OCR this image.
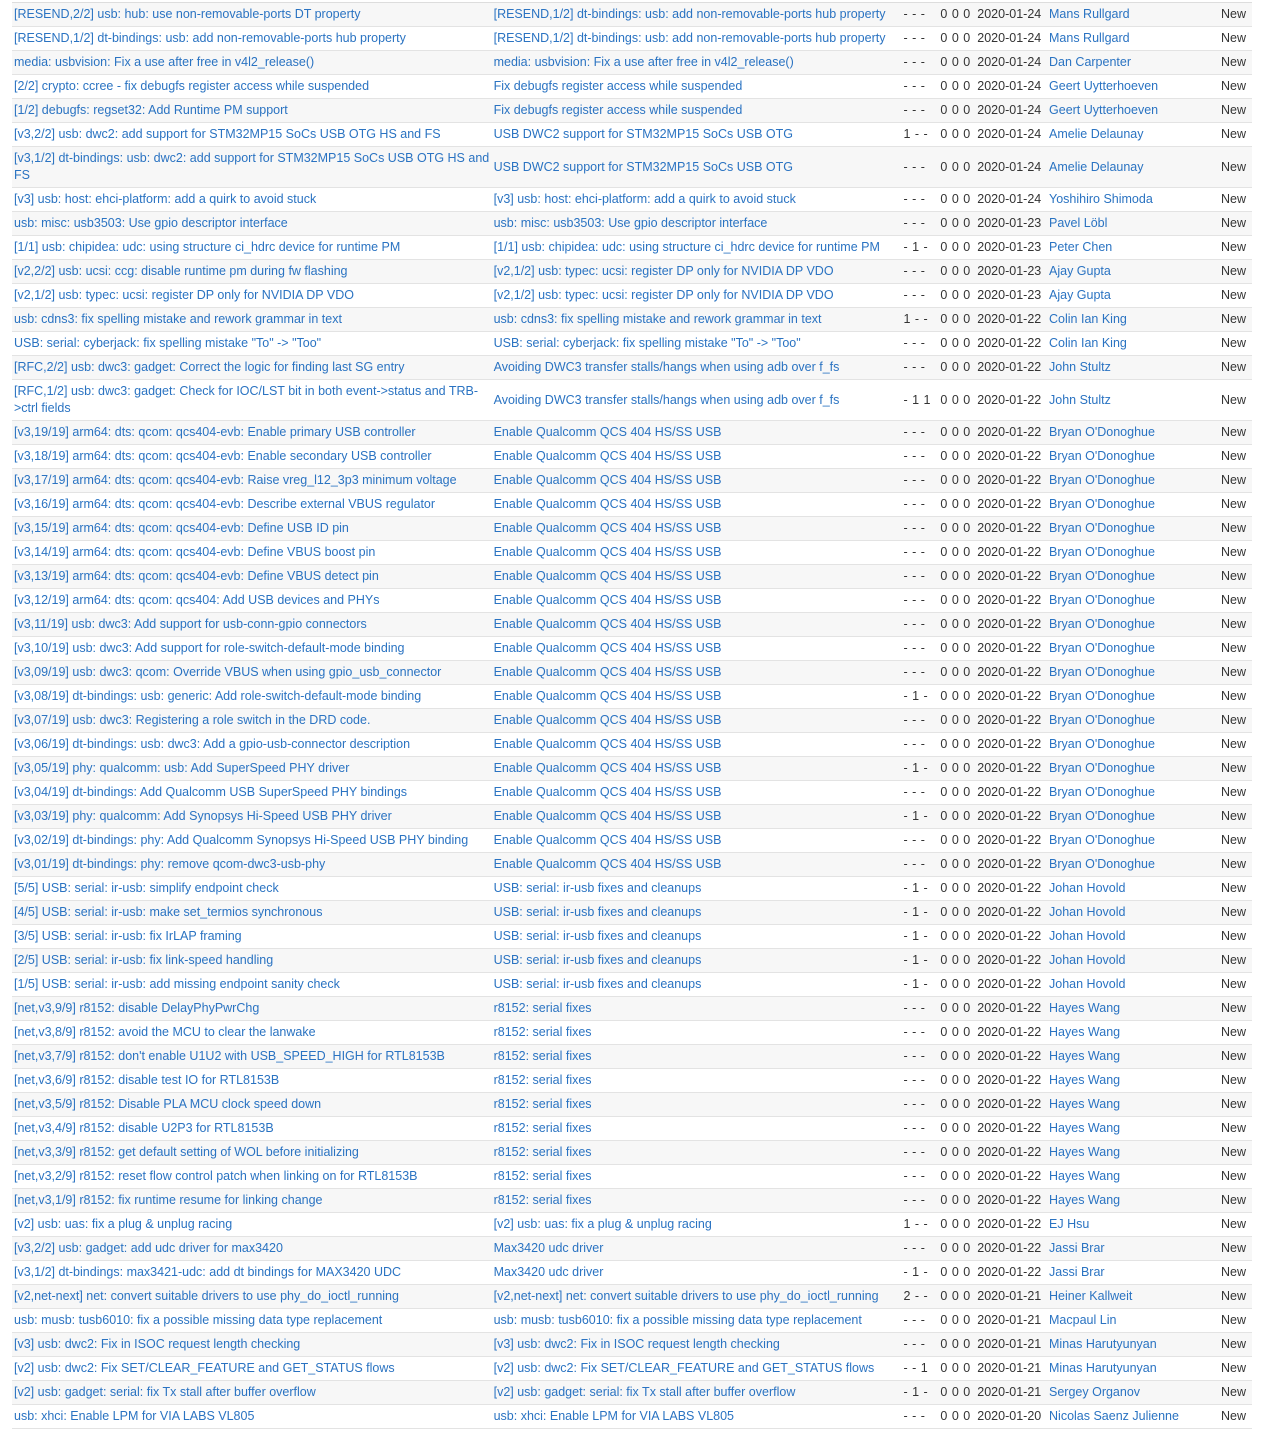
[RESEND,2/2] usb: hub: use non-removable-ports DT property	[RESEND,1/2] dt-bindings: usb: add non-removable-ports hub property	- - -	0 0 0	2020-01-24	Mans Rullgard	New
[RESEND,1/2] dt-bindings: usb: add non-removable-ports hub property	[RESEND,1/2] dt-bindings: usb: add non-removable-ports hub property	- - -	0 0 0	2020-01-24	Mans Rullgard	New
media: usbvision: Fix a use after free in v4l2_release()	media: usbvision: Fix a use after free in v4l2_release()	- - -	0 0 0	2020-01-24	Dan Carpenter	New
[2/2] crypto: ccree - fix debugfs register access while suspended	Fix debugfs register access while suspended	- - -	0 0 0	2020-01-24	Geert Uytterhoeven	New
[1/2] debugfs: regset32: Add Runtime PM support	Fix debugfs register access while suspended	- - -	0 0 0	2020-01-24	Geert Uytterhoeven	New
[v3,2/2] usb: dwc2: add support for STM32MP15 SoCs USB OTG HS and FS	USB DWC2 support for STM32MP15 SoCs USB OTG	1 - -	0 0 0	2020-01-24	Amelie Delaunay	New
[v3,1/2] dt-bindings: usb: dwc2: add support for STM32MP15 SoCs USB OTG HS and FS	USB DWC2 support for STM32MP15 SoCs USB OTG	- - -	0 0 0	2020-01-24	Amelie Delaunay	New
[v3] usb: host: ehci-platform: add a quirk to avoid stuck	[v3] usb: host: ehci-platform: add a quirk to avoid stuck	- - -	0 0 0	2020-01-24	Yoshihiro Shimoda	New
usb: misc: usb3503: Use gpio descriptor interface	usb: misc: usb3503: Use gpio descriptor interface	- - -	0 0 0	2020-01-23	Pavel Löbl	New
[1/1] usb: chipidea: udc: using structure ci_hdrc device for runtime PM	[1/1] usb: chipidea: udc: using structure ci_hdrc device for runtime PM	- 1 -	0 0 0	2020-01-23	Peter Chen	New
[v2,2/2] usb: ucsi: ccg: disable runtime pm during fw flashing	[v2,1/2] usb: typec: ucsi: register DP only for NVIDIA DP VDO	- - -	0 0 0	2020-01-23	Ajay Gupta	New
[v2,1/2] usb: typec: ucsi: register DP only for NVIDIA DP VDO	[v2,1/2] usb: typec: ucsi: register DP only for NVIDIA DP VDO	- - -	0 0 0	2020-01-23	Ajay Gupta	New
usb: cdns3: fix spelling mistake and rework grammar in text	usb: cdns3: fix spelling mistake and rework grammar in text	1 - -	0 0 0	2020-01-22	Colin Ian King	New
USB: serial: cyberjack: fix spelling mistake "To" -> "Too"	USB: serial: cyberjack: fix spelling mistake "To" -> "Too"	- - -	0 0 0	2020-01-22	Colin Ian King	New
[RFC,2/2] usb: dwc3: gadget: Correct the logic for finding last SG entry	Avoiding DWC3 transfer stalls/hangs when using adb over f_fs	- - -	0 0 0	2020-01-22	John Stultz	New
[RFC,1/2] usb: dwc3: gadget: Check for IOC/LST bit in both event->status and TRB->ctrl fields	Avoiding DWC3 transfer stalls/hangs when using adb over f_fs	- 1 1	0 0 0	2020-01-22	John Stultz	New
[v3,19/19] arm64: dts: qcom: qcs404-evb: Enable primary USB controller	Enable Qualcomm QCS 404 HS/SS USB	- - -	0 0 0	2020-01-22	Bryan O'Donoghue	New
[v3,18/19] arm64: dts: qcom: qcs404-evb: Enable secondary USB controller	Enable Qualcomm QCS 404 HS/SS USB	- - -	0 0 0	2020-01-22	Bryan O'Donoghue	New
[v3,17/19] arm64: dts: qcom: qcs404-evb: Raise vreg_l12_3p3 minimum voltage	Enable Qualcomm QCS 404 HS/SS USB	- - -	0 0 0	2020-01-22	Bryan O'Donoghue	New
[v3,16/19] arm64: dts: qcom: qcs404-evb: Describe external VBUS regulator	Enable Qualcomm QCS 404 HS/SS USB	- - -	0 0 0	2020-01-22	Bryan O'Donoghue	New
[v3,15/19] arm64: dts: qcom: qcs404-evb: Define USB ID pin	Enable Qualcomm QCS 404 HS/SS USB	- - -	0 0 0	2020-01-22	Bryan O'Donoghue	New
[v3,14/19] arm64: dts: qcom: qcs404-evb: Define VBUS boost pin	Enable Qualcomm QCS 404 HS/SS USB	- - -	0 0 0	2020-01-22	Bryan O'Donoghue	New
[v3,13/19] arm64: dts: qcom: qcs404-evb: Define VBUS detect pin	Enable Qualcomm QCS 404 HS/SS USB	- - -	0 0 0	2020-01-22	Bryan O'Donoghue	New
[v3,12/19] arm64: dts: qcom: qcs404: Add USB devices and PHYs	Enable Qualcomm QCS 404 HS/SS USB	- - -	0 0 0	2020-01-22	Bryan O'Donoghue	New
[v3,11/19] usb: dwc3: Add support for usb-conn-gpio connectors	Enable Qualcomm QCS 404 HS/SS USB	- - -	0 0 0	2020-01-22	Bryan O'Donoghue	New
[v3,10/19] usb: dwc3: Add support for role-switch-default-mode binding	Enable Qualcomm QCS 404 HS/SS USB	- - -	0 0 0	2020-01-22	Bryan O'Donoghue	New
[v3,09/19] usb: dwc3: qcom: Override VBUS when using gpio_usb_connector	Enable Qualcomm QCS 404 HS/SS USB	- - -	0 0 0	2020-01-22	Bryan O'Donoghue	New
[v3,08/19] dt-bindings: usb: generic: Add role-switch-default-mode binding	Enable Qualcomm QCS 404 HS/SS USB	- 1 -	0 0 0	2020-01-22	Bryan O'Donoghue	New
[v3,07/19] usb: dwc3: Registering a role switch in the DRD code.	Enable Qualcomm QCS 404 HS/SS USB	- - -	0 0 0	2020-01-22	Bryan O'Donoghue	New
[v3,06/19] dt-bindings: usb: dwc3: Add a gpio-usb-connector description	Enable Qualcomm QCS 404 HS/SS USB	- - -	0 0 0	2020-01-22	Bryan O'Donoghue	New
[v3,05/19] phy: qualcomm: usb: Add SuperSpeed PHY driver	Enable Qualcomm QCS 404 HS/SS USB	- 1 -	0 0 0	2020-01-22	Bryan O'Donoghue	New
[v3,04/19] dt-bindings: Add Qualcomm USB SuperSpeed PHY bindings	Enable Qualcomm QCS 404 HS/SS USB	- - -	0 0 0	2020-01-22	Bryan O'Donoghue	New
[v3,03/19] phy: qualcomm: Add Synopsys Hi-Speed USB PHY driver	Enable Qualcomm QCS 404 HS/SS USB	- 1 -	0 0 0	2020-01-22	Bryan O'Donoghue	New
[v3,02/19] dt-bindings: phy: Add Qualcomm Synopsys Hi-Speed USB PHY binding	Enable Qualcomm QCS 404 HS/SS USB	- - -	0 0 0	2020-01-22	Bryan O'Donoghue	New
[v3,01/19] dt-bindings: phy: remove qcom-dwc3-usb-phy	Enable Qualcomm QCS 404 HS/SS USB	- - -	0 0 0	2020-01-22	Bryan O'Donoghue	New
[5/5] USB: serial: ir-usb: simplify endpoint check	USB: serial: ir-usb fixes and cleanups	- 1 -	0 0 0	2020-01-22	Johan Hovold	New
[4/5] USB: serial: ir-usb: make set_termios synchronous	USB: serial: ir-usb fixes and cleanups	- 1 -	0 0 0	2020-01-22	Johan Hovold	New
[3/5] USB: serial: ir-usb: fix IrLAP framing	USB: serial: ir-usb fixes and cleanups	- 1 -	0 0 0	2020-01-22	Johan Hovold	New
[2/5] USB: serial: ir-usb: fix link-speed handling	USB: serial: ir-usb fixes and cleanups	- 1 -	0 0 0	2020-01-22	Johan Hovold	New
[1/5] USB: serial: ir-usb: add missing endpoint sanity check	USB: serial: ir-usb fixes and cleanups	- 1 -	0 0 0	2020-01-22	Johan Hovold	New
[net,v3,9/9] r8152: disable DelayPhyPwrChg	r8152: serial fixes	- - -	0 0 0	2020-01-22	Hayes Wang	New
[net,v3,8/9] r8152: avoid the MCU to clear the lanwake	r8152: serial fixes	- - -	0 0 0	2020-01-22	Hayes Wang	New
[net,v3,7/9] r8152: don't enable U1U2 with USB_SPEED_HIGH for RTL8153B	r8152: serial fixes	- - -	0 0 0	2020-01-22	Hayes Wang	New
[net,v3,6/9] r8152: disable test IO for RTL8153B	r8152: serial fixes	- - -	0 0 0	2020-01-22	Hayes Wang	New
[net,v3,5/9] r8152: Disable PLA MCU clock speed down	r8152: serial fixes	- - -	0 0 0	2020-01-22	Hayes Wang	New
[net,v3,4/9] r8152: disable U2P3 for RTL8153B	r8152: serial fixes	- - -	0 0 0	2020-01-22	Hayes Wang	New
[net,v3,3/9] r8152: get default setting of WOL before initializing	r8152: serial fixes	- - -	0 0 0	2020-01-22	Hayes Wang	New
[net,v3,2/9] r8152: reset flow control patch when linking on for RTL8153B	r8152: serial fixes	- - -	0 0 0	2020-01-22	Hayes Wang	New
[net,v3,1/9] r8152: fix runtime resume for linking change	r8152: serial fixes	- - -	0 0 0	2020-01-22	Hayes Wang	New
[v2] usb: uas: fix a plug & unplug racing	[v2] usb: uas: fix a plug & unplug racing	1 - -	0 0 0	2020-01-22	EJ Hsu	New
[v3,2/2] usb: gadget: add udc driver for max3420	Max3420 udc driver	- - -	0 0 0	2020-01-22	Jassi Brar	New
[v3,1/2] dt-bindings: max3421-udc: add dt bindings for MAX3420 UDC	Max3420 udc driver	- 1 -	0 0 0	2020-01-22	Jassi Brar	New
[v2,net-next] net: convert suitable drivers to use phy_do_ioctl_running	[v2,net-next] net: convert suitable drivers to use phy_do_ioctl_running	2 - -	0 0 0	2020-01-21	Heiner Kallweit	New
usb: musb: tusb6010: fix a possible missing data type replacement	usb: musb: tusb6010: fix a possible missing data type replacement	- - -	0 0 0	2020-01-21	Macpaul Lin	New
[v3] usb: dwc2: Fix in ISOC request length checking	[v3] usb: dwc2: Fix in ISOC request length checking	- - -	0 0 0	2020-01-21	Minas Harutyunyan	New
[v2] usb: dwc2: Fix SET/CLEAR_FEATURE and GET_STATUS flows	[v2] usb: dwc2: Fix SET/CLEAR_FEATURE and GET_STATUS flows	- - 1	0 0 0	2020-01-21	Minas Harutyunyan	New
[v2] usb: gadget: serial: fix Tx stall after buffer overflow	[v2] usb: gadget: serial: fix Tx stall after buffer overflow	- 1 -	0 0 0	2020-01-21	Sergey Organov	New
usb: xhci: Enable LPM for VIA LABS VL805	usb: xhci: Enable LPM for VIA LABS VL805	- - -	0 0 0	2020-01-20	Nicolas Saenz Julienne	New
